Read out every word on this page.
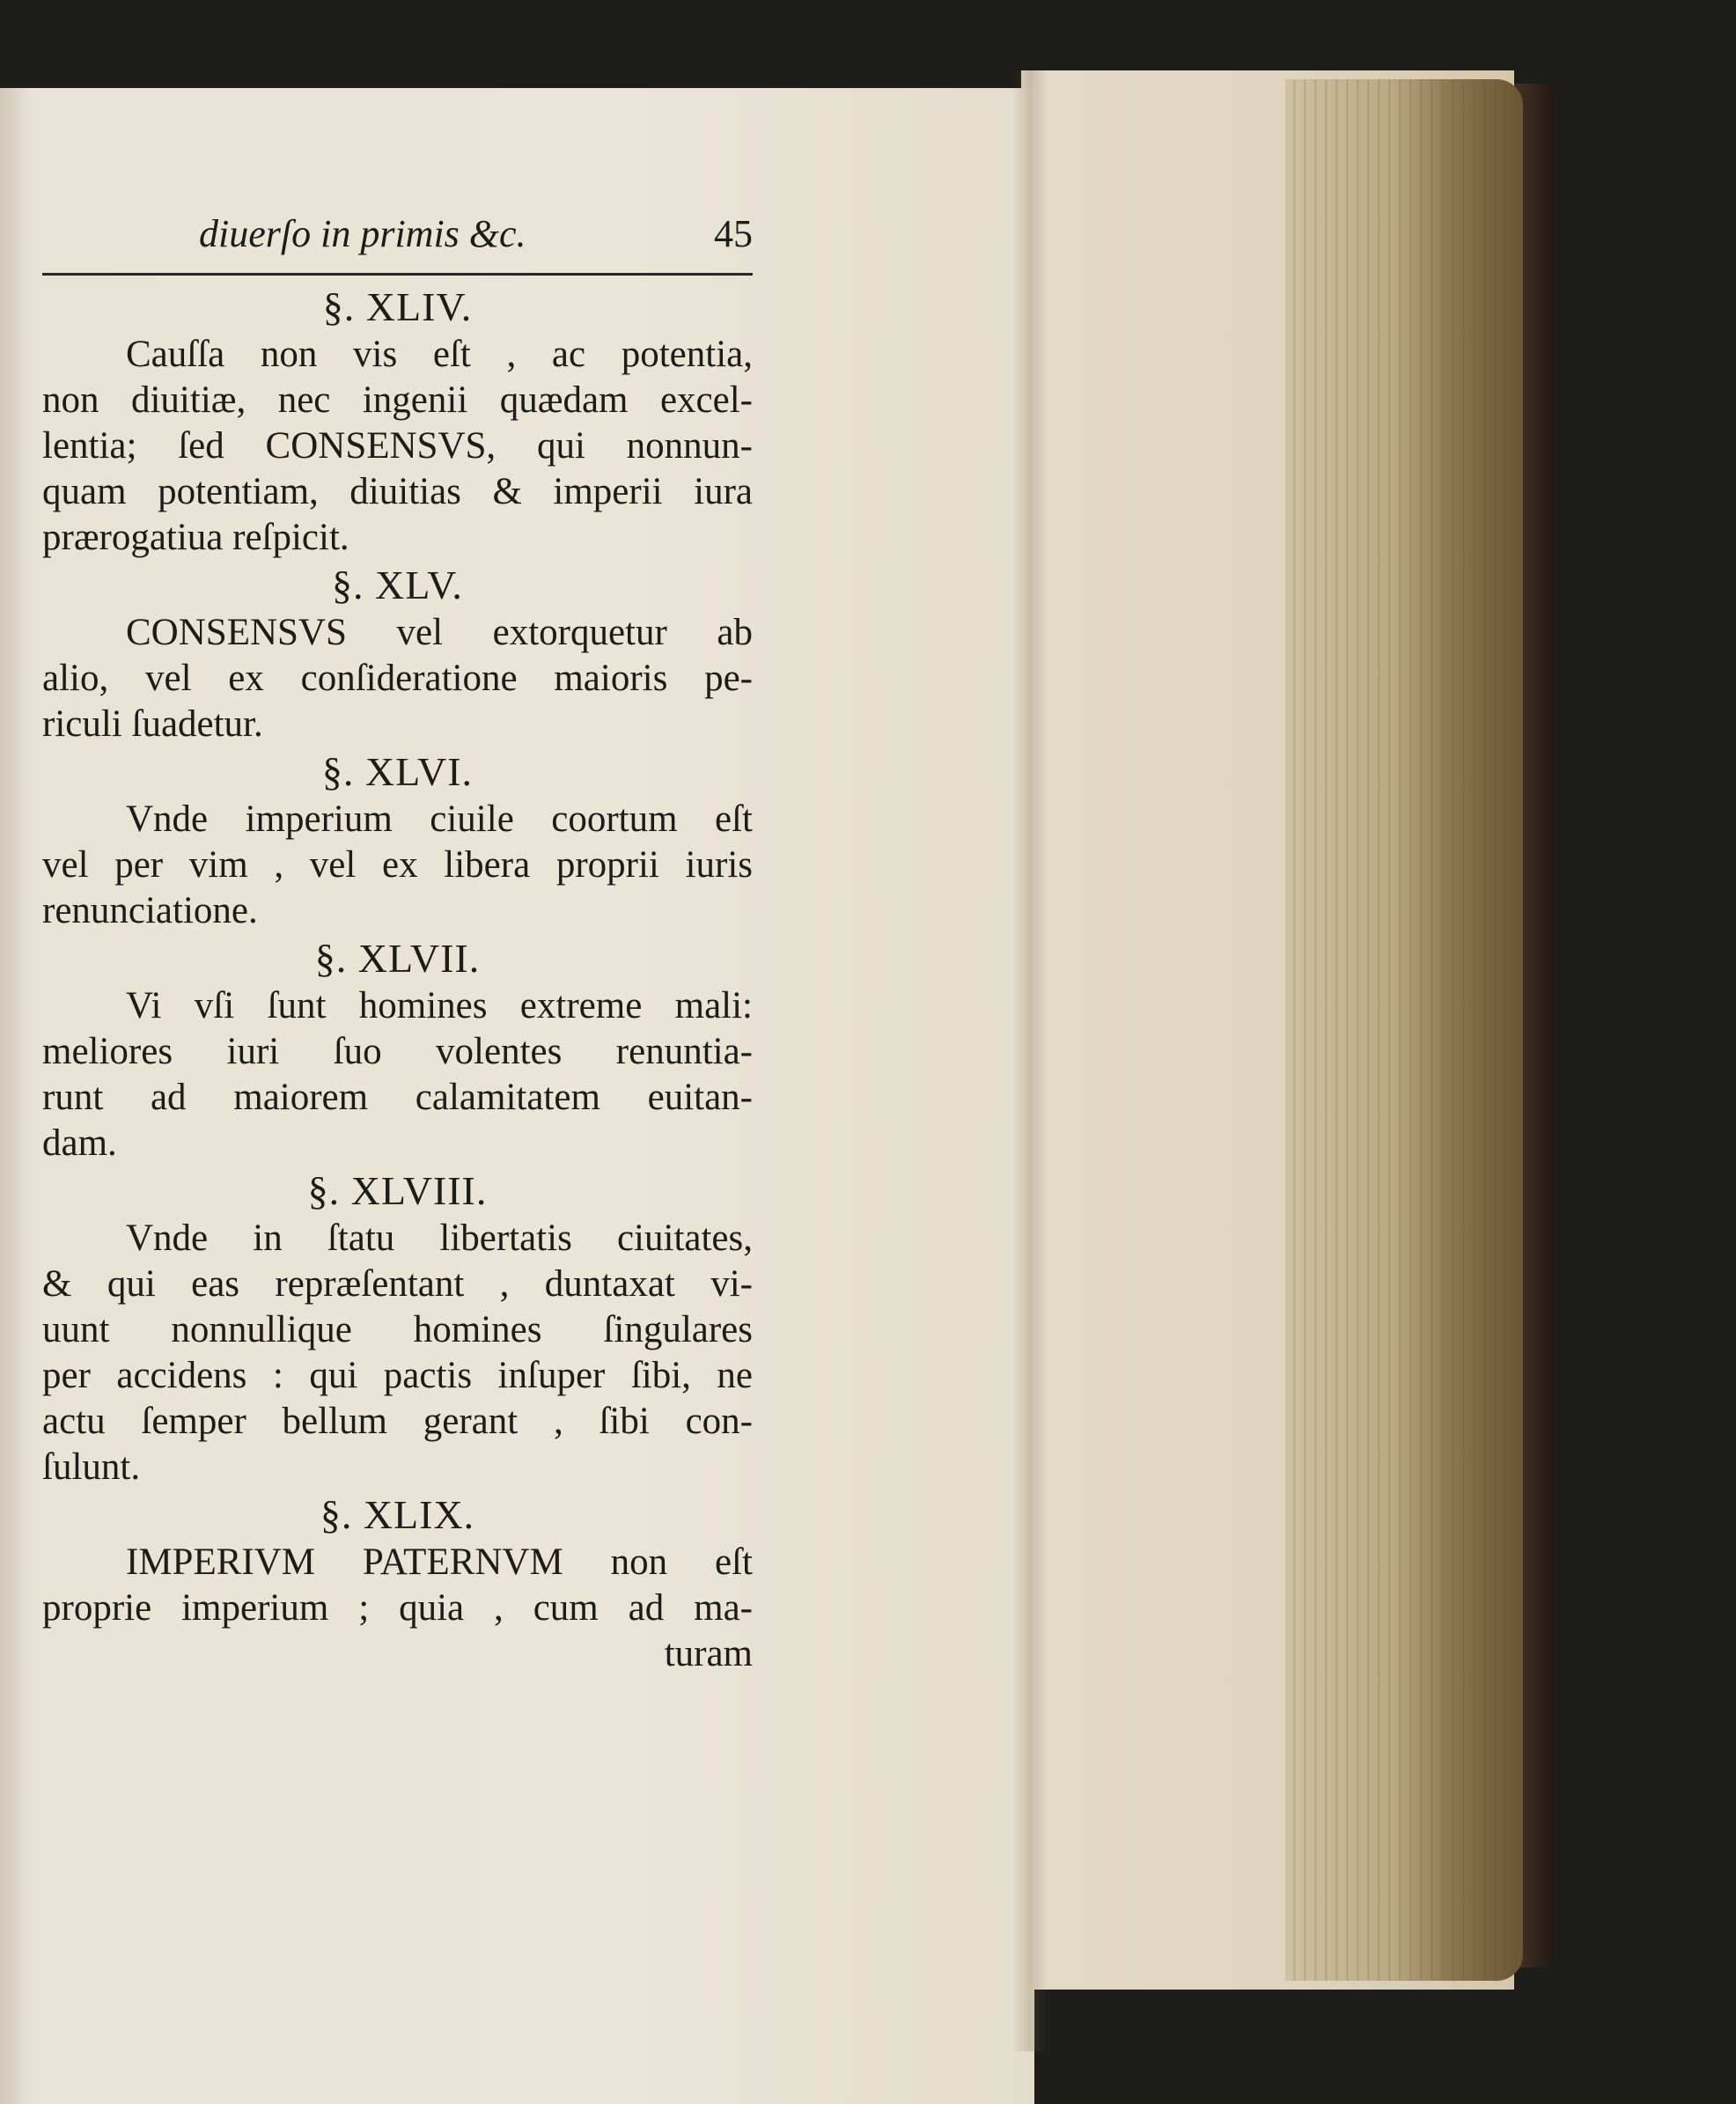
diuerſo in primis &c.	45
§. XLIV.
Cauſſa non vis eſt , ac potentia,
non diuitiæ, nec ingenii quædam excel-
lentia; ſed CONSENSVS, qui nonnun-
quam potentiam, diuitias & imperii iura
prærogatiua reſpicit.
§. XLV.
CONSENSVS vel extorquetur ab
alio, vel ex conſideratione maioris pe-
riculi ſuadetur.
§. XLVI.
Vnde imperium ciuile coortum eſt
vel per vim , vel ex libera proprii iuris
renunciatione.
§. XLVII.
Vi vſi ſunt homines extreme mali:
meliores iuri ſuo volentes renuntia-
runt ad maiorem calamitatem euitan-
dam.
§. XLVIII.
Vnde in ſtatu libertatis ciuitates,
& qui eas repræſentant , duntaxat vi-
uunt nonnullique homines ſingulares
per accidens : qui pactis inſuper ſibi, ne
actu ſemper bellum gerant , ſibi con-
ſulunt.
§. XLIX.
IMPERIVM PATERNVM non eſt
proprie imperium ; quia , cum ad ma-
turam
